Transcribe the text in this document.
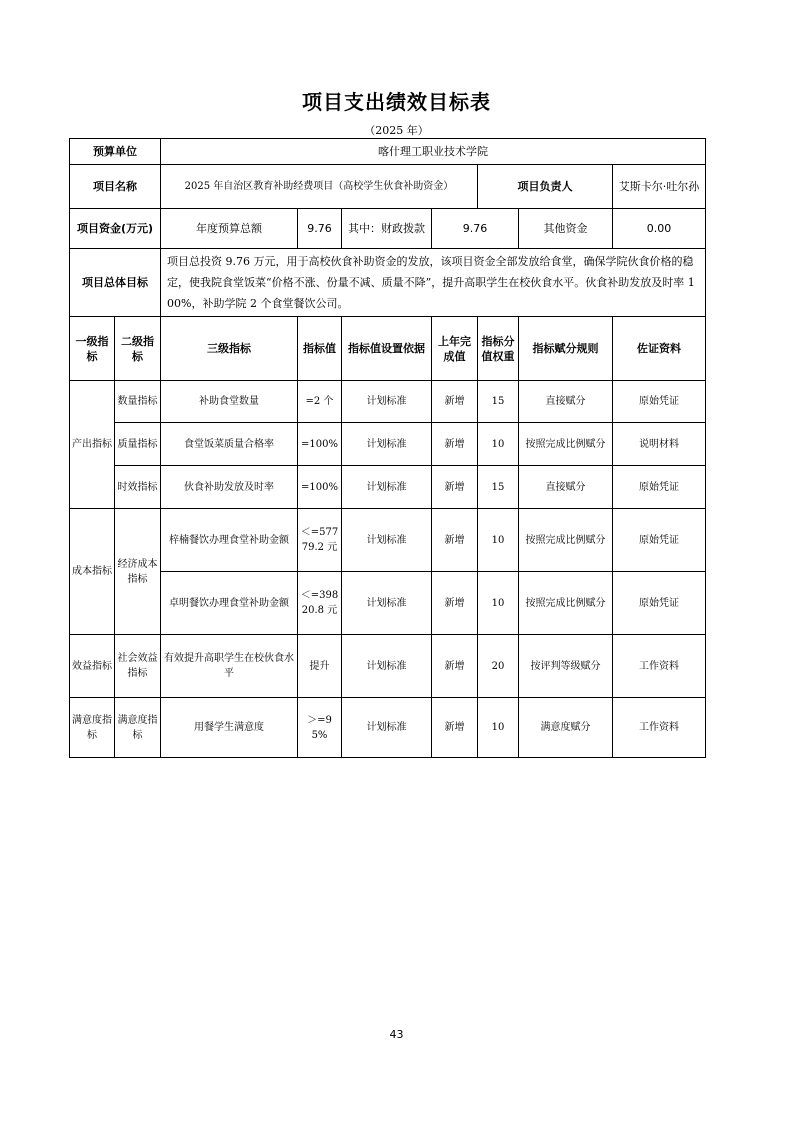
项目支出绩效目标表
（2025 年）
预算单位		喀什理工职业技术学院						
项目名称		2025 年自治区教育补助经费项目（高校学生伙食补助资金）				项目负责人		艾斯卡尔·吐尔孙
项目资金(万元)		年度预算总额	9.76	其中：财政拨款	9.76		其他资金	0.00
项目总体目标		项目总投资 9.76 万元，用于高校伙食补助资金的发放，该项目资金全部发放给食堂，确保学院伙食价格的稳定，使我院食堂饭菜“价格不涨、份量不减、质量不降”，提升高职学生在校伙食水平。伙食补助发放及时率 100%，补助学院 2 个食堂餐饮公司。						
一级指标	二级指标	三级指标	指标值	指标值设置依据	上年完成值	指标分值权重	指标赋分规则	佐证资料
产出指标	数量指标	补助食堂数量	=2 个	计划标准	新增	15	直接赋分	原始凭证
	质量指标	食堂饭菜质量合格率	=100%	计划标准	新增	10	按照完成比例赋分	说明材料
	时效指标	伙食补助发放及时率	=100%	计划标准	新增	15	直接赋分	原始凭证
成本指标	经济成本指标	梓楠餐饮办理食堂补助金额	＜=57779.2 元	计划标准	新增	10	按照完成比例赋分	原始凭证
		卓明餐饮办理食堂补助金额	＜=39820.8 元	计划标准	新增	10	按照完成比例赋分	原始凭证
效益指标	社会效益指标	有效提升高职学生在校伙食水平	提升	计划标准	新增	20	按评判等级赋分	工作资料
满意度指标	满意度指标	用餐学生满意度	＞=95%	计划标准	新增	10	满意度赋分	工作资料
43
